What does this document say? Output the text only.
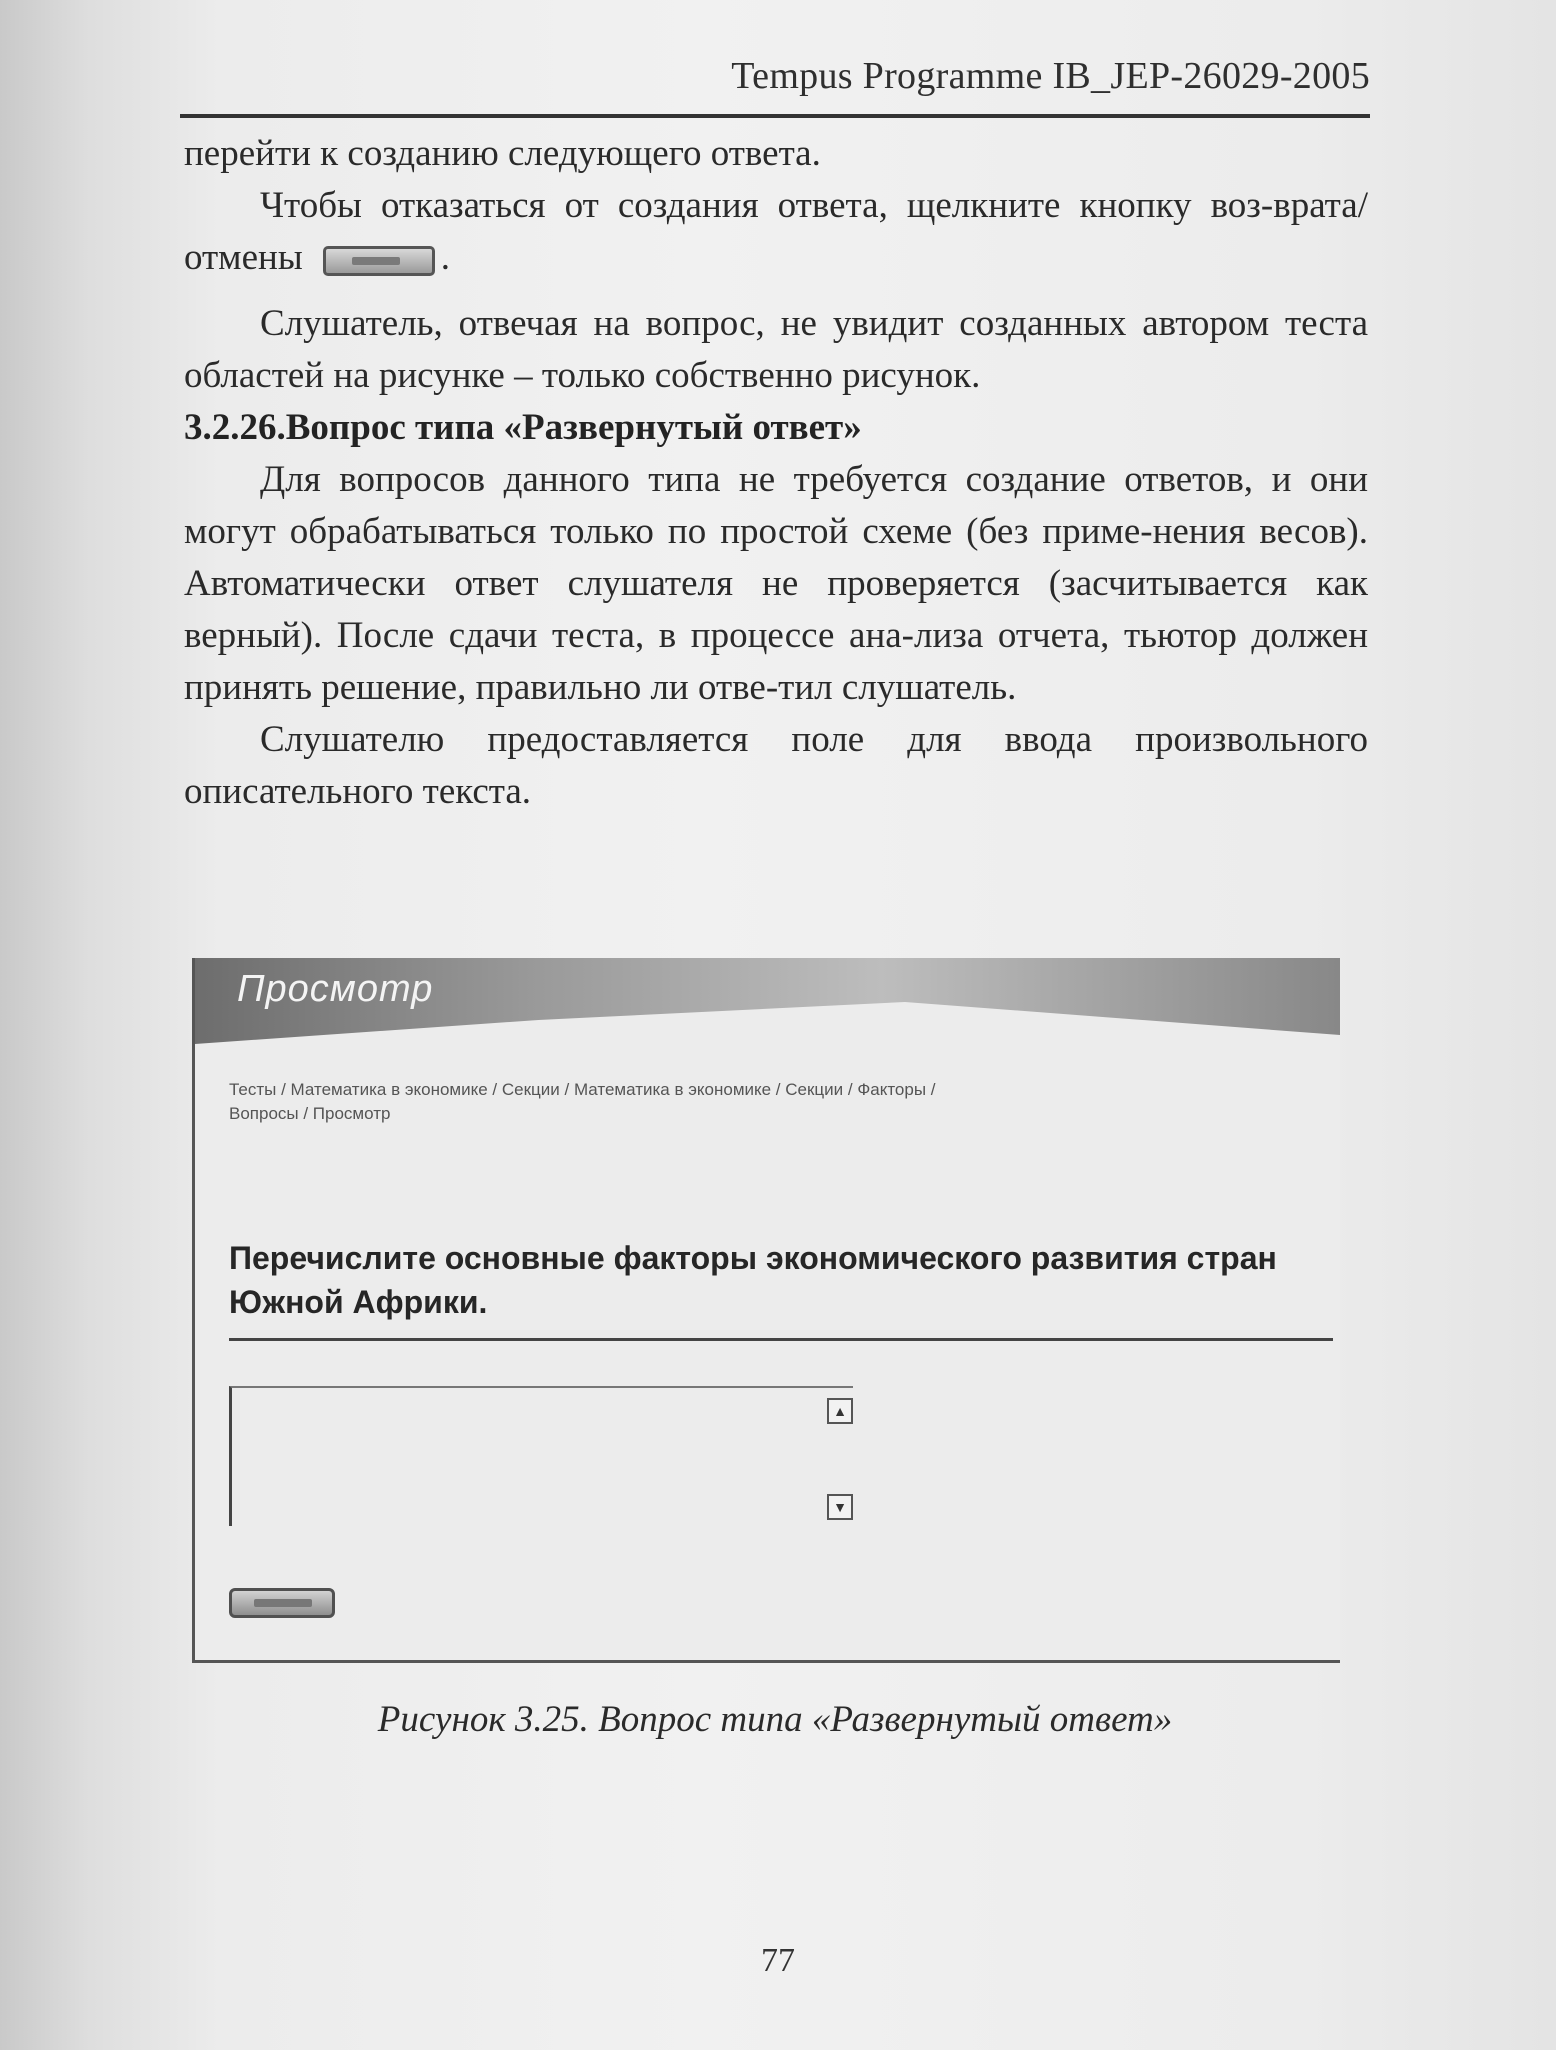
Tempus Programme IB_JEP-26029-2005

перейти к созданию следующего ответа.

Чтобы отказаться от создания ответа, щелкните кнопку воз-врата/отмены	.

Слушатель, отвечая на вопрос, не увидит созданных автором теста областей на рисунке – только собственно рисунок.

3.2.26.Вопрос типа «Развернутый ответ»

Для вопросов данного типа не требуется создание ответов, и они могут обрабатываться только по простой схеме (без приме-нения весов). Автоматически ответ слушателя не проверяется (засчитывается как верный). После сдачи теста, в процессе ана-лиза отчета, тьютор должен принять решение, правильно ли отве-тил слушатель.

Слушателю предоставляется поле для ввода произвольного описательного текста.

Просмотр
Тесты / Математика в экономике / Секции / Математика в экономике / Секции / Факторы /
Вопросы / Просмотр
Перечислите основные факторы экономического развития стран Южной Африки.
▲
▼
Рисунок 3.25. Вопрос типа «Развернутый ответ»
77
